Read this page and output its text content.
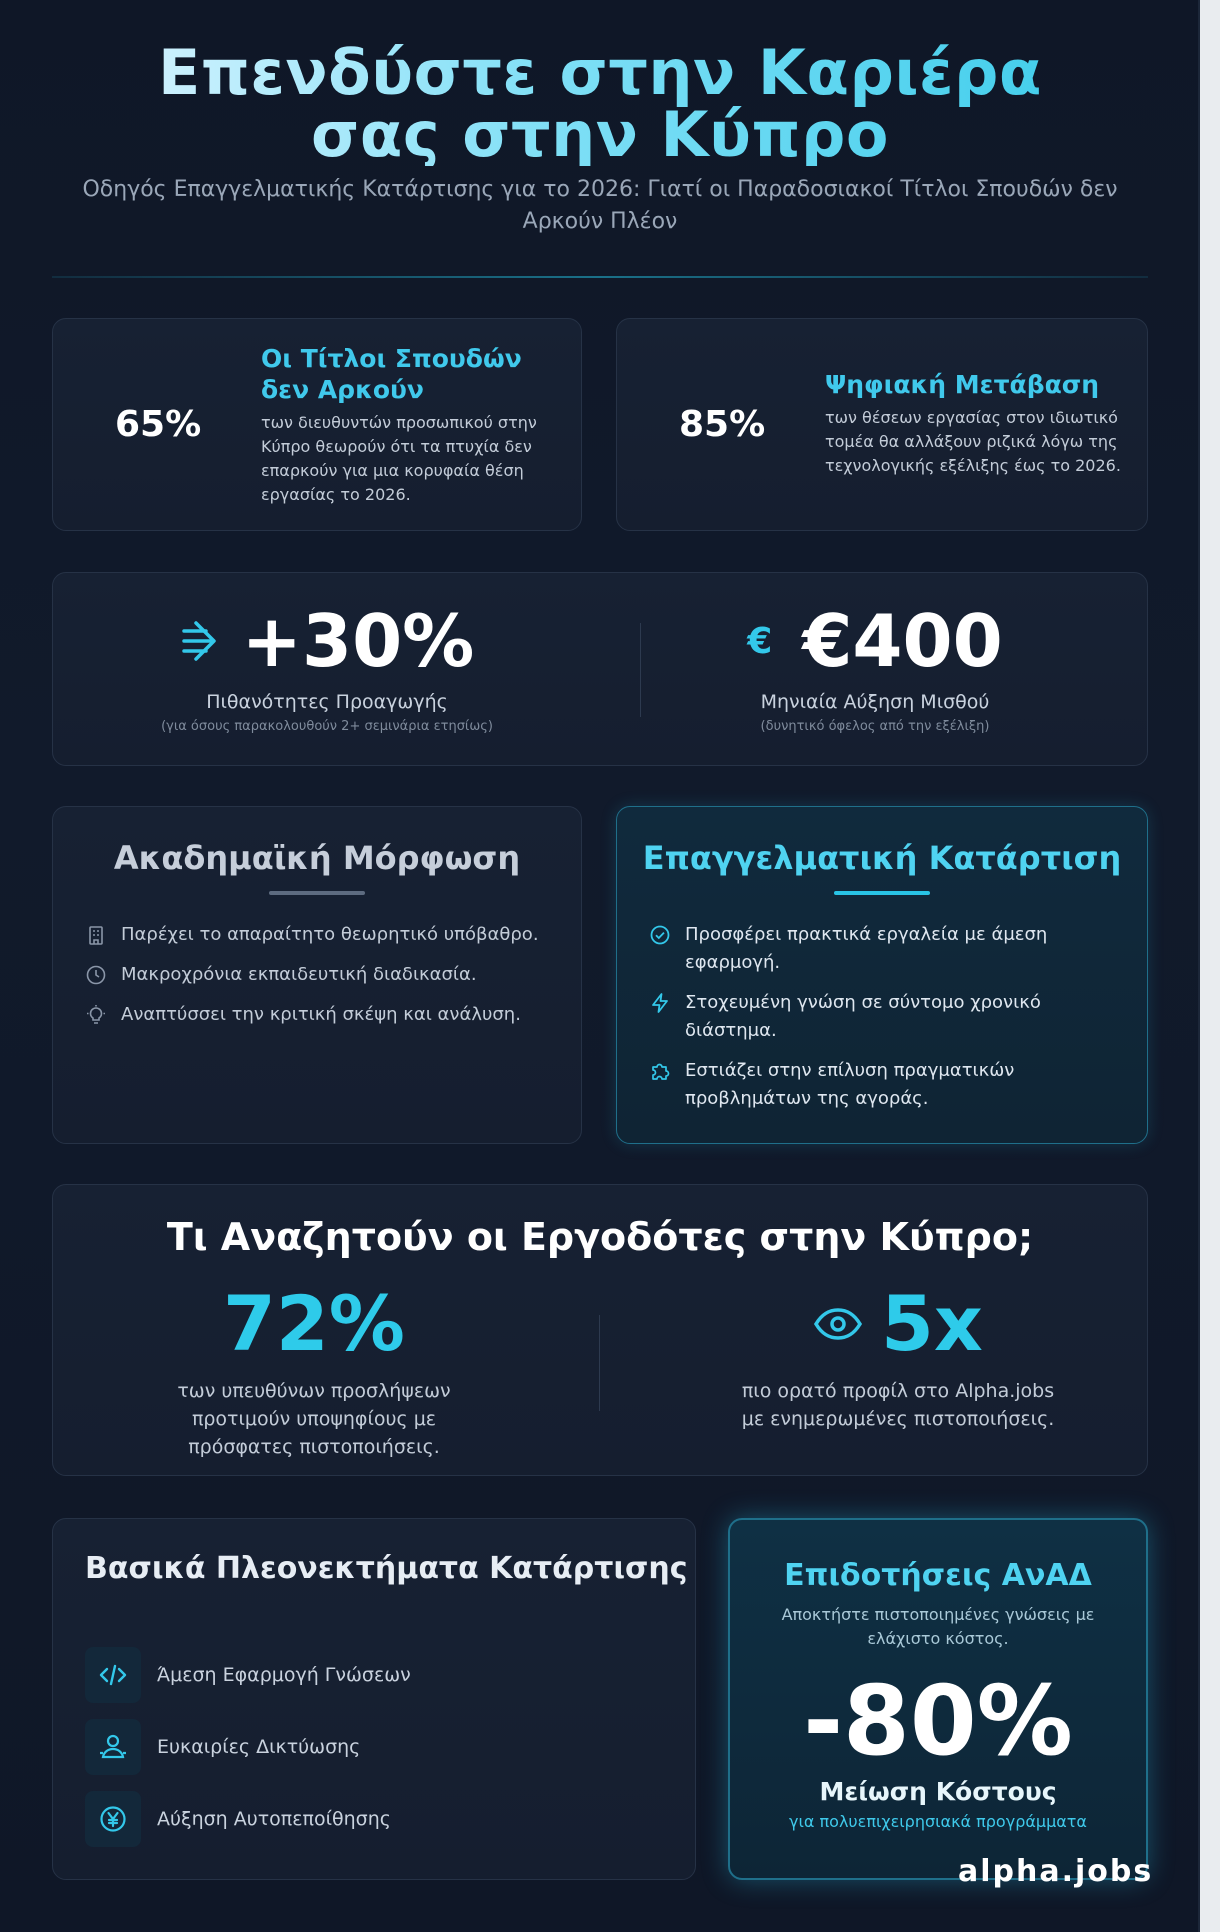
Επενδύστε στην Καριέρα σας στην Κύπρο
Οδηγός Επαγγελματικής Κατάρτισης για το 2026: Γιατί οι Παραδοσιακοί Τίτλοι Σπουδών δεν Αρκούν Πλέον
65%
Οι Τίτλοι Σπουδών δεν Αρκούν
των διευθυντών προσωπικού στην Κύπρο θεωρούν ότι τα πτυχία δεν επαρκούν για μια κορυφαία θέση εργασίας το 2026.
85%
Ψηφιακή Μετάβαση
των θέσεων εργασίας στον ιδιωτικό τομέα θα αλλάξουν ριζικά λόγω της τεχνολογικής εξέλιξης έως το 2026.
+30%
Πιθανότητες Προαγωγής
(για όσους παρακολουθούν 2+ σεμινάρια ετησίως)
€ €400
Μηνιαία Αύξηση Μισθού
(δυνητικό όφελος από την εξέλιξη)
Ακαδημαϊκή Μόρφωση
Παρέχει το απαραίτητο θεωρητικό υπόβαθρο.
Μακροχρόνια εκπαιδευτική διαδικασία.
Αναπτύσσει την κριτική σκέψη και ανάλυση.
Επαγγελματική Κατάρτιση
Προσφέρει πρακτικά εργαλεία με άμεση εφαρμογή.
Στοχευμένη γνώση σε σύντομο χρονικό διάστημα.
Εστιάζει στην επίλυση πραγματικών προβλημάτων της αγοράς.
Τι Αναζητούν οι Εργοδότες στην Κύπρο;
72%
των υπευθύνων προσλήψεων προτιμούν υποψηφίους με πρόσφατες πιστοποιήσεις.
5x
πιο ορατό προφίλ στο Alpha.jobs με ενημερωμένες πιστοποιήσεις.
Βασικά Πλεονεκτήματα Κατάρτισης
Άμεση Εφαρμογή Γνώσεων
Ευκαιρίες Δικτύωσης
Αύξηση Αυτοπεποίθησης
Επιδοτήσεις ΑνΑΔ
Αποκτήστε πιστοποιημένες γνώσεις με ελάχιστο κόστος.
-80%
Μείωση Κόστους
για πολυεπιχειρησιακά προγράμματα
alpha.jobs
